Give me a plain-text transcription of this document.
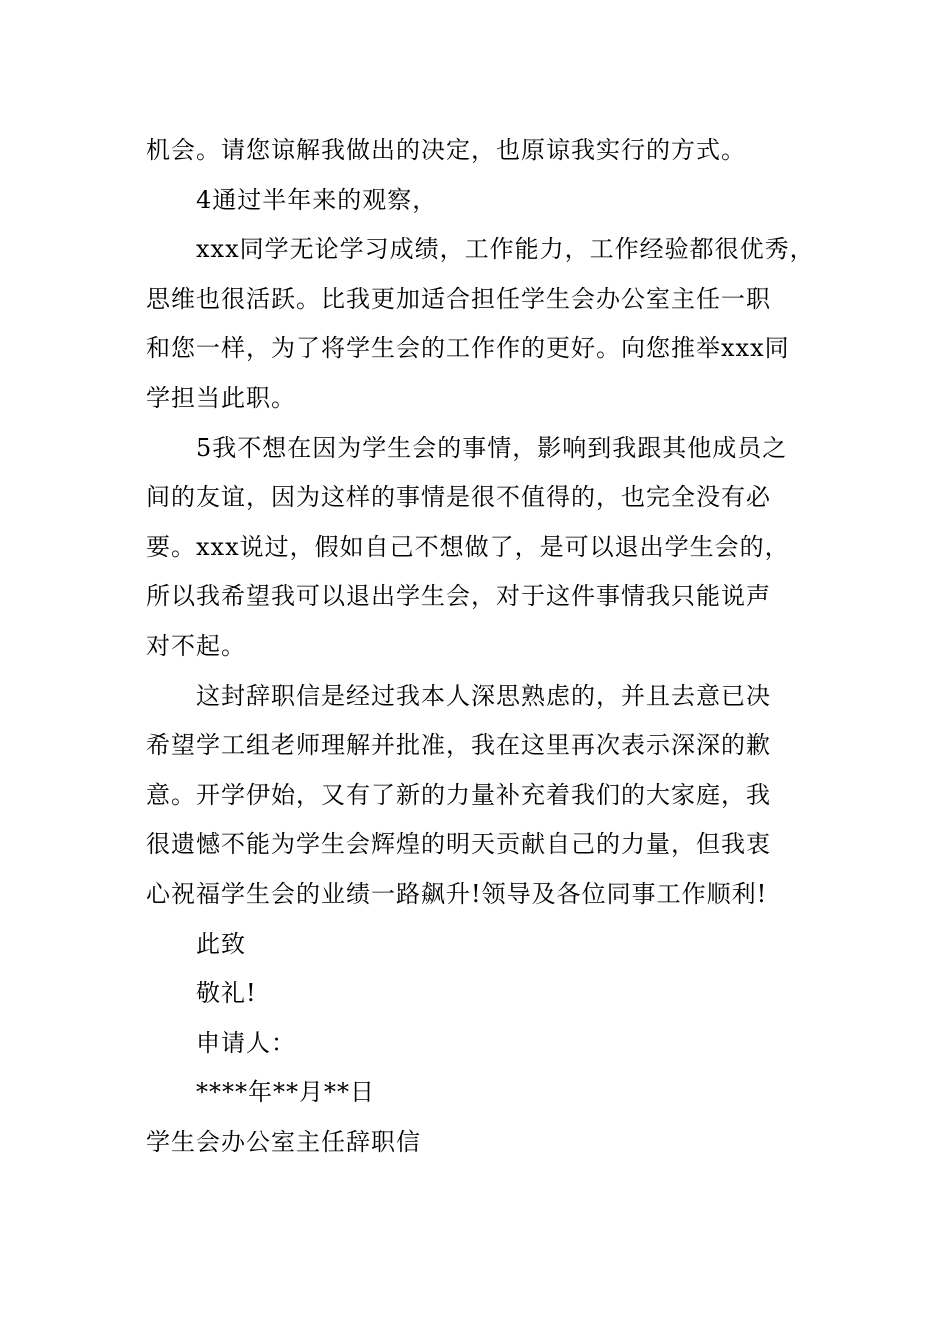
机会。请您谅解我做出的决定，也原谅我实行的方式。
4通过半年来的观察，
xxx同学无论学习成绩，工作能力，工作经验都很优秀，
思维也很活跃。比我更加适合担任学生会办公室主任一职
和您一样，为了将学生会的工作作的更好。向您推举xxx同
学担当此职。
5我不想在因为学生会的事情，影响到我跟其他成员之
间的友谊，因为这样的事情是很不值得的，也完全没有必
要。xxx说过，假如自己不想做了，是可以退出学生会的，
所以我希望我可以退出学生会，对于这件事情我只能说声
对不起。
这封辞职信是经过我本人深思熟虑的，并且去意已决
希望学工组老师理解并批准，我在这里再次表示深深的歉
意。开学伊始，又有了新的力量补充着我们的大家庭，我
很遗憾不能为学生会辉煌的明天贡献自己的力量，但我衷
心祝福学生会的业绩一路飙升!领导及各位同事工作顺利!
此致
敬礼!
申请人：
****年**月**日
学生会办公室主任辞职信
